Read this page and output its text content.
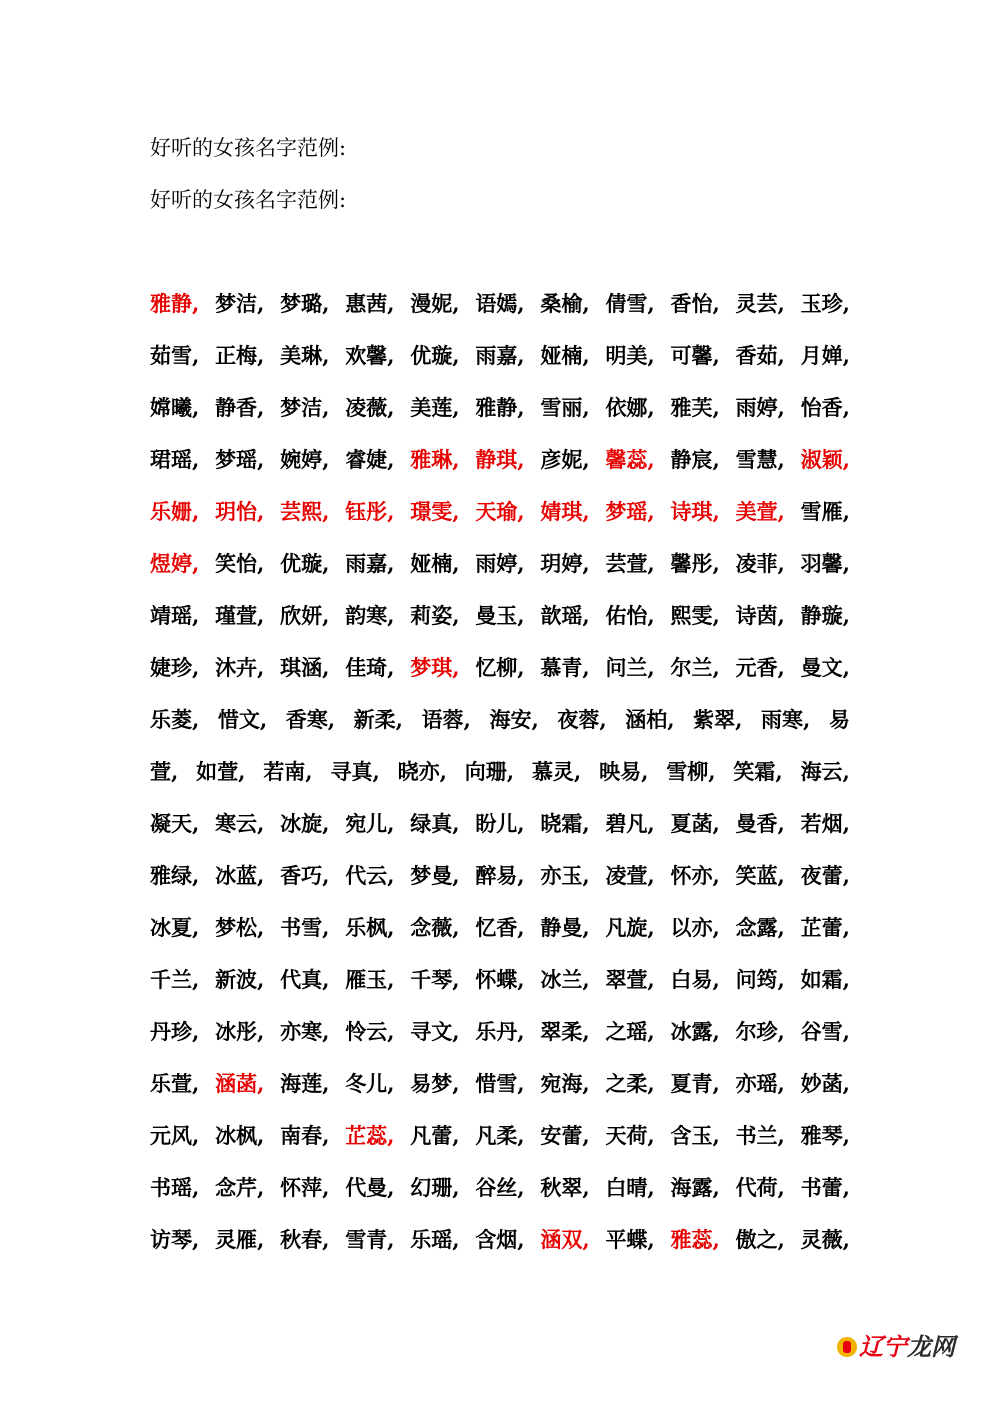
好听的女孩名字范例:
好听的女孩名字范例:
雅静, 梦洁, 梦璐, 惠茜, 漫妮, 语嫣, 桑榆, 倩雪, 香怡, 灵芸, 玉珍,
茹雪, 正梅, 美琳, 欢馨, 优璇, 雨嘉, 娅楠, 明美, 可馨, 香茹, 月婵,
嫦曦, 静香, 梦洁, 凌薇, 美莲, 雅静, 雪丽, 依娜, 雅芙, 雨婷, 怡香,
珺瑶, 梦瑶, 婉婷, 睿婕, 雅琳, 静琪, 彦妮, 馨蕊, 静宸, 雪慧, 淑颖,
乐姗, 玥怡, 芸熙, 钰彤, 璟雯, 天瑜, 婧琪, 梦瑶, 诗琪, 美萱, 雪雁,
煜婷, 笑怡, 优璇, 雨嘉, 娅楠, 雨婷, 玥婷, 芸萱, 馨彤, 凌菲, 羽馨,
靖瑶, 瑾萱, 欣妍, 韵寒, 莉姿, 曼玉, 歆瑶, 佑怡, 熙雯, 诗茵, 静璇,
婕珍, 沐卉, 琪涵, 佳琦, 梦琪, 忆柳, 慕青, 问兰, 尔兰, 元香, 曼文,
乐菱, 惜文, 香寒, 新柔, 语蓉, 海安, 夜蓉, 涵柏, 紫翠, 雨寒, 易
萱, 如萱, 若南, 寻真, 晓亦, 向珊, 慕灵, 映易, 雪柳, 笑霜, 海云,
凝天, 寒云, 冰旋, 宛儿, 绿真, 盼儿, 晓霜, 碧凡, 夏菡, 曼香, 若烟,
雅绿, 冰蓝, 香巧, 代云, 梦曼, 醉易, 亦玉, 凌萱, 怀亦, 笑蓝, 夜蕾,
冰夏, 梦松, 书雪, 乐枫, 念薇, 忆香, 静曼, 凡旋, 以亦, 念露, 芷蕾,
千兰, 新波, 代真, 雁玉, 千琴, 怀蝶, 冰兰, 翠萱, 白易, 问筠, 如霜,
丹珍, 冰彤, 亦寒, 怜云, 寻文, 乐丹, 翠柔, 之瑶, 冰露, 尔珍, 谷雪,
乐萱, 涵菡, 海莲, 冬儿, 易梦, 惜雪, 宛海, 之柔, 夏青, 亦瑶, 妙菡,
元风, 冰枫, 南春, 芷蕊, 凡蕾, 凡柔, 安蕾, 天荷, 含玉, 书兰, 雅琴,
书瑶, 念芹, 怀萍, 代曼, 幻珊, 谷丝, 秋翠, 白晴, 海露, 代荷, 书蕾,
访琴, 灵雁, 秋春, 雪青, 乐瑶, 含烟, 涵双, 平蝶, 雅蕊, 傲之, 灵薇,
辽宁 龙网
